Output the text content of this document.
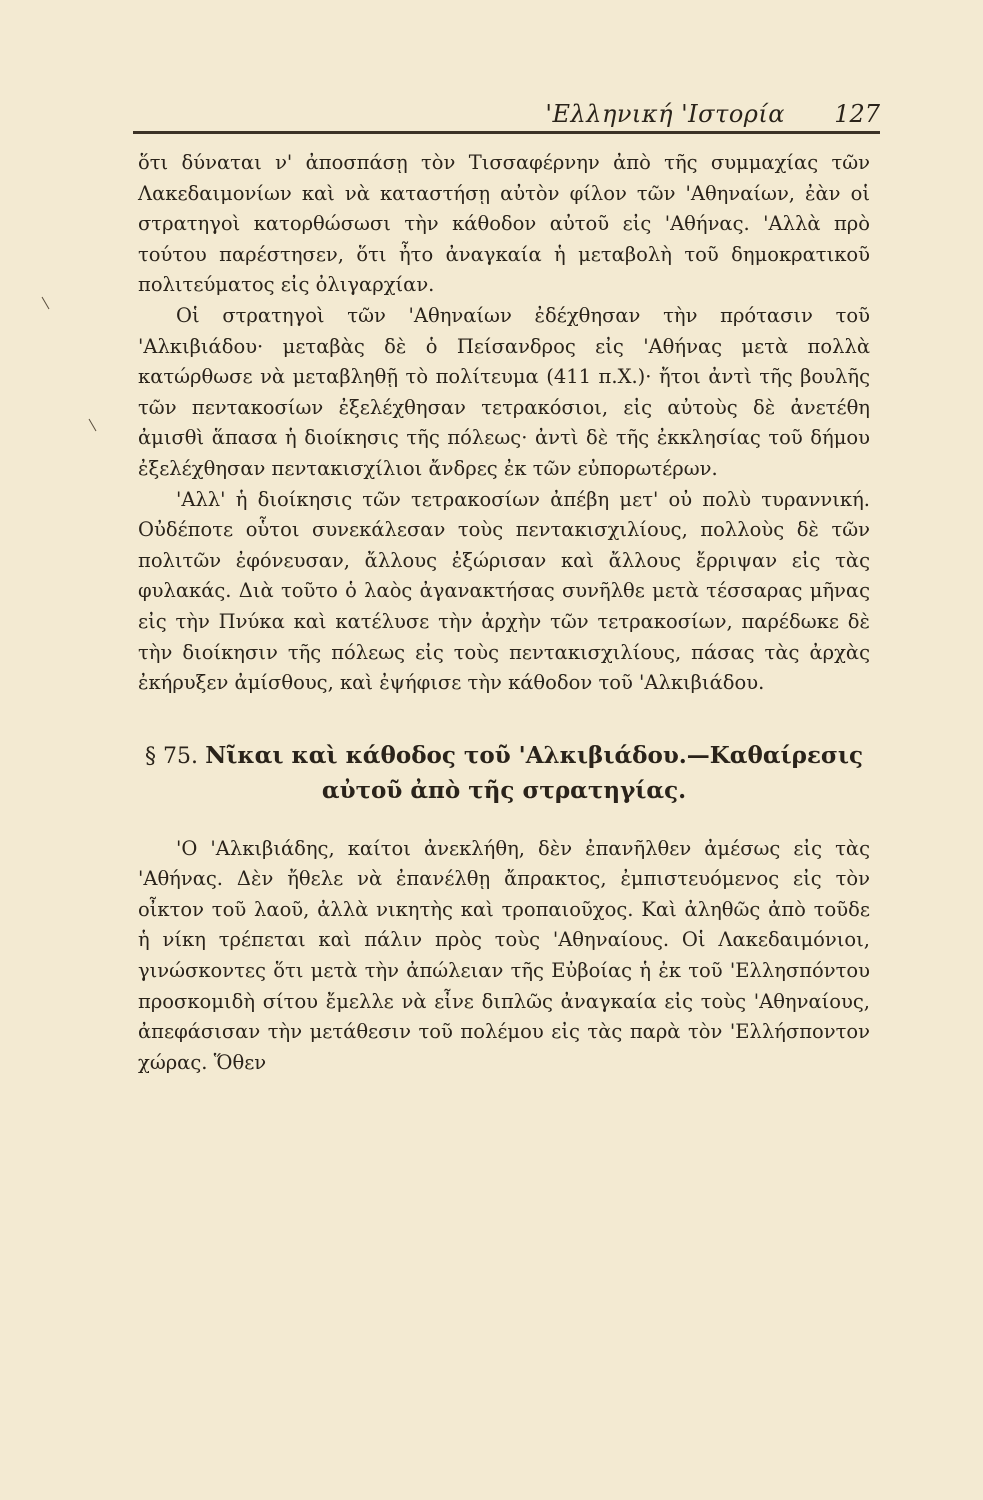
'Ελληνική 'Ιστορία 127

ὅτι δύναται ν' ἀποσπάσῃ τὸν Τισσαφέρνην ἀπὸ τῆς συμμαχίας τῶν Λακεδαιμονίων καὶ νὰ καταστήσῃ αὐτὸν φίλον τῶν 'Αθηναίων, ἐὰν οἱ στρατηγοὶ κατορθώσωσι τὴν κάθοδον αὐτοῦ εἰς 'Αθήνας. 'Αλλὰ πρὸ τούτου παρέστησεν, ὅτι ἦτο ἀναγκαία ἡ μεταβολὴ τοῦ δημοκρατικοῦ πολιτεύματος εἰς ὀλιγαρχίαν.

Οἱ στρατηγοὶ τῶν 'Αθηναίων ἐδέχθησαν τὴν πρότασιν τοῦ 'Αλκιβιάδου· μεταβὰς δὲ ὁ Πείσανδρος εἰς 'Αθήνας μετὰ πολλὰ κατώρθωσε νὰ μεταβληθῇ τὸ πολίτευμα (411 π.Χ.)· ἤτοι ἀντὶ τῆς βουλῆς τῶν πεντακοσίων ἐξελέχθησαν τετρακόσιοι, εἰς αὐτοὺς δὲ ἀνετέθη ἀμισθὶ ἅπασα ἡ διοίκησις τῆς πόλεως· ἀντὶ δὲ τῆς ἐκκλησίας τοῦ δήμου ἐξελέχθησαν πεντακισχίλιοι ἄνδρες ἐκ τῶν εὐπορωτέρων.

'Αλλ' ἡ διοίκησις τῶν τετρακοσίων ἀπέβη μετ' οὐ πολὺ τυραννική. Οὐδέποτε οὗτοι συνεκάλεσαν τοὺς πεντακισχιλίους, πολλοὺς δὲ τῶν πολιτῶν ἐφόνευσαν, ἄλλους ἐξώρισαν καὶ ἄλλους ἔρριψαν εἰς τὰς φυλακάς. Διὰ τοῦτο ὁ λαὸς ἀγανακτήσας συνῆλθε μετὰ τέσσαρας μῆνας εἰς τὴν Πνύκα καὶ κατέλυσε τὴν ἀρχὴν τῶν τετρακοσίων, παρέδωκε δὲ τὴν διοίκησιν τῆς πόλεως εἰς τοὺς πεντακισχιλίους, πάσας τὰς ἀρχὰς ἐκήρυξεν ἀμίσθους, καὶ ἐψήφισε τὴν κάθοδον τοῦ 'Αλκιβιάδου.

§ 75. Νῖκαι καὶ κάθοδος τοῦ 'Αλκιβιάδου.—Καθαίρεσις αὐτοῦ ἀπὸ τῆς στρατηγίας.

'Ο 'Αλκιβιάδης, καίτοι ἀνεκλήθη, δὲν ἐπανῆλθεν ἀμέσως εἰς τὰς 'Αθήνας. Δὲν ἤθελε νὰ ἐπανέλθῃ ἄπρακτος, ἐμπιστευόμενος εἰς τὸν οἶκτον τοῦ λαοῦ, ἀλλὰ νικητὴς καὶ τροπαιοῦχος. Καὶ ἀληθῶς ἀπὸ τοῦδε ἡ νίκη τρέπεται καὶ πάλιν πρὸς τοὺς 'Αθηναίους. Οἱ Λακεδαιμόνιοι, γινώσκοντες ὅτι μετὰ τὴν ἀπώλειαν τῆς Εὐβοίας ἡ ἐκ τοῦ 'Ελλησπόντου προσκομιδὴ σίτου ἔμελλε νὰ εἶνε διπλῶς ἀναγκαία εἰς τοὺς 'Αθηναίους, ἀπεφάσισαν τὴν μετάθεσιν τοῦ πολέμου εἰς τὰς παρὰ τὸν 'Ελλήσποντον χώρας. Ὅθεν
